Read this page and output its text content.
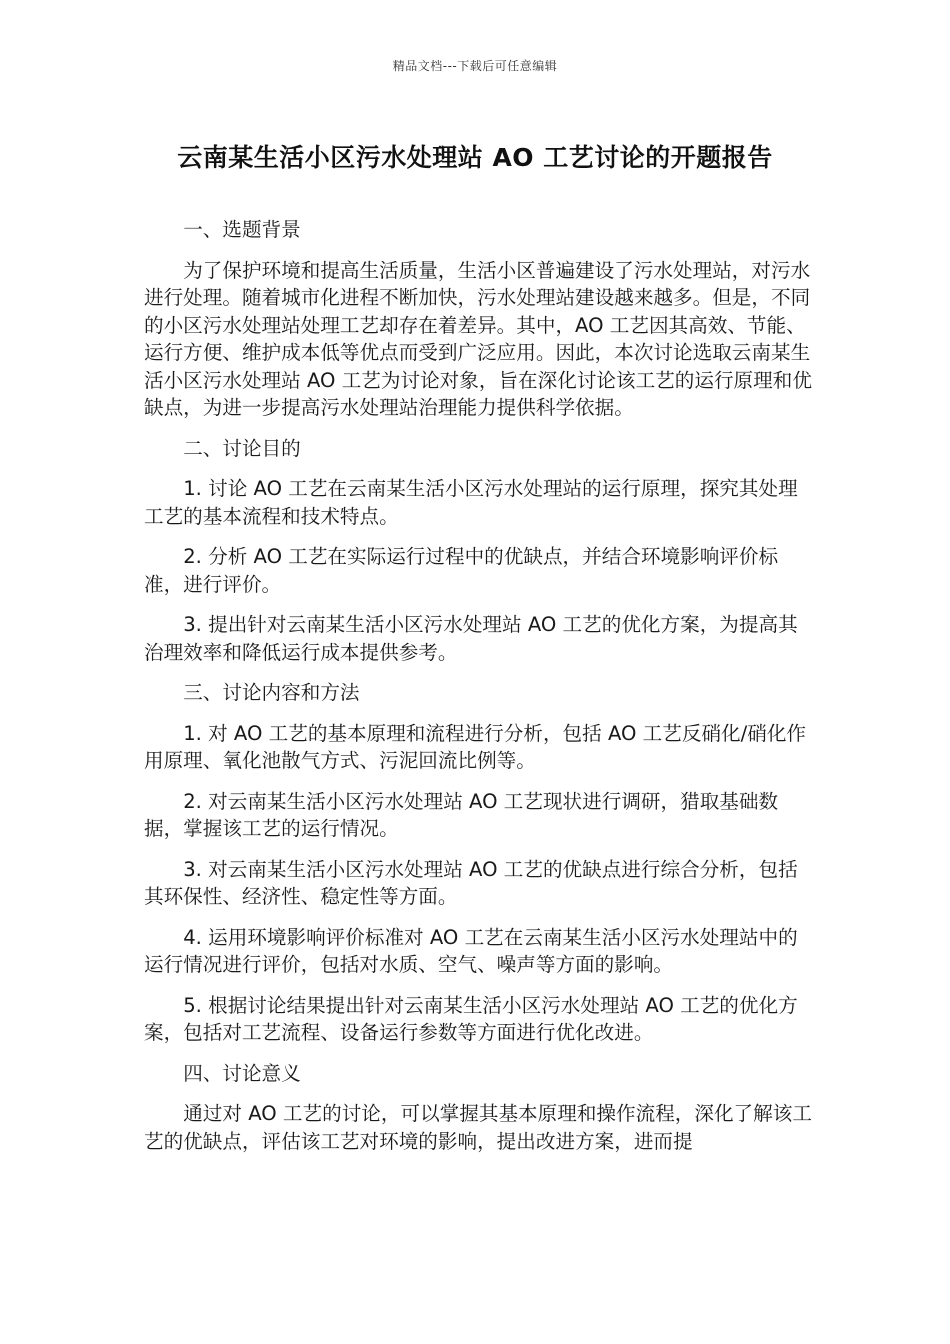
精品文档---下载后可任意编辑
云南某生活小区污水处理站 AO 工艺讨论的开题报告

一、选题背景

为了保护环境和提高生活质量，生活小区普遍建设了污水处理站，对污水进行处理。随着城市化进程不断加快，污水处理站建设越来越多。但是，不同的小区污水处理站处理工艺却存在着差异。其中，AO 工艺因其高效、节能、运行方便、维护成本低等优点而受到广泛应用。因此，本次讨论选取云南某生活小区污水处理站 AO 工艺为讨论对象，旨在深化讨论该工艺的运行原理和优缺点，为进一步提高污水处理站治理能力提供科学依据。

二、讨论目的

1. 讨论 AO 工艺在云南某生活小区污水处理站的运行原理，探究其处理工艺的基本流程和技术特点。

2. 分析 AO 工艺在实际运行过程中的优缺点，并结合环境影响评价标准，进行评价。

3. 提出针对云南某生活小区污水处理站 AO 工艺的优化方案，为提高其治理效率和降低运行成本提供参考。

三、讨论内容和方法

1. 对 AO 工艺的基本原理和流程进行分析，包括 AO 工艺反硝化/硝化作用原理、氧化池散气方式、污泥回流比例等。

2. 对云南某生活小区污水处理站 AO 工艺现状进行调研，猎取基础数据，掌握该工艺的运行情况。

3. 对云南某生活小区污水处理站 AO 工艺的优缺点进行综合分析，包括其环保性、经济性、稳定性等方面。

4. 运用环境影响评价标准对 AO 工艺在云南某生活小区污水处理站中的运行情况进行评价，包括对水质、空气、噪声等方面的影响。

5. 根据讨论结果提出针对云南某生活小区污水处理站 AO 工艺的优化方案，包括对工艺流程、设备运行参数等方面进行优化改进。

四、讨论意义

通过对 AO 工艺的讨论，可以掌握其基本原理和操作流程，深化了解该工艺的优缺点，评估该工艺对环境的影响，提出改进方案，进而提
